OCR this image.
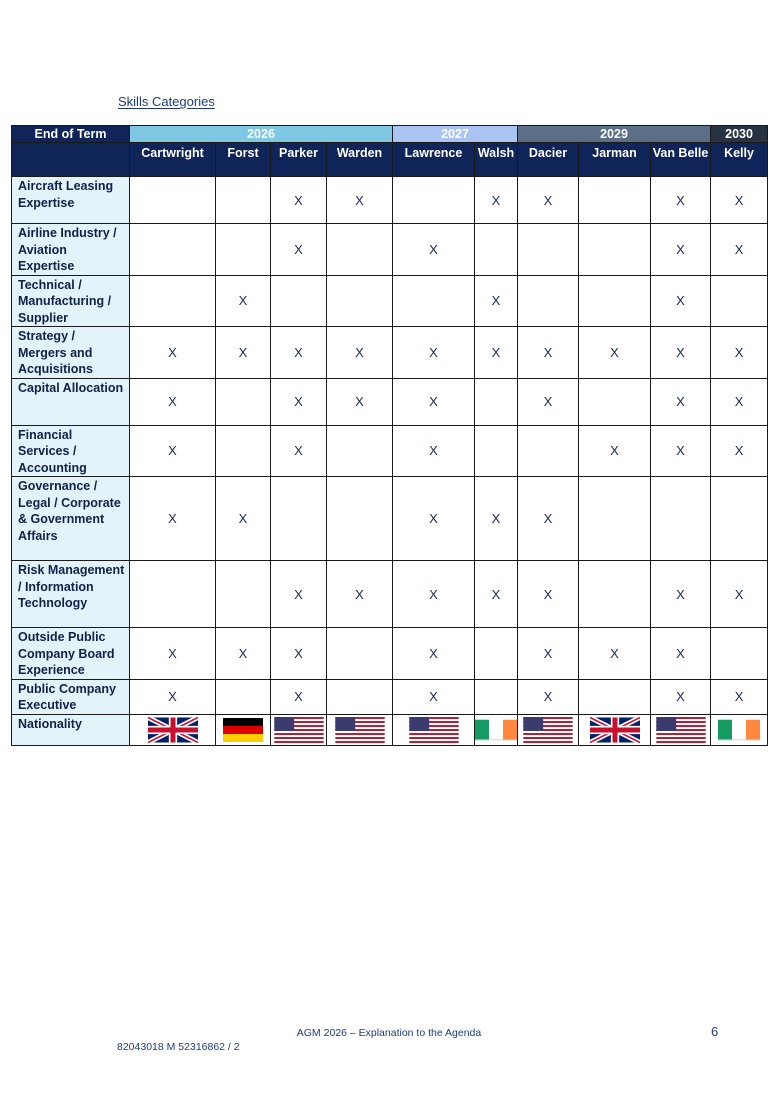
Skills Categories
End of Term	2026				2027		2029			2030
	Cartwright	Forst	Parker	Warden	Lawrence	Walsh	Dacier	Jarman	Van Belle	Kelly
Aircraft Leasing Expertise			X	X		X	X		X	X
Airline Industry / Aviation Expertise			X		X				X	X
Technical / Manufacturing / Supplier		X				X			X	
Strategy / Mergers and Acquisitions	X	X	X	X	X	X	X	X	X	X
Capital Allocation	X		X	X	X		X		X	X
Financial Services / Accounting	X		X		X			X	X	X
Governance / Legal / Corporate & Government Affairs	X	X			X	X	X			
Risk Management / Information Technology			X	X	X	X	X		X	X
Outside Public Company Board Experience	X	X	X		X		X	X	X	
Public Company Executive	X		X		X		X		X	X
Nationality	

AGM 2026 – Explanation to the Agenda	6
82043018 M 52316862 / 2
